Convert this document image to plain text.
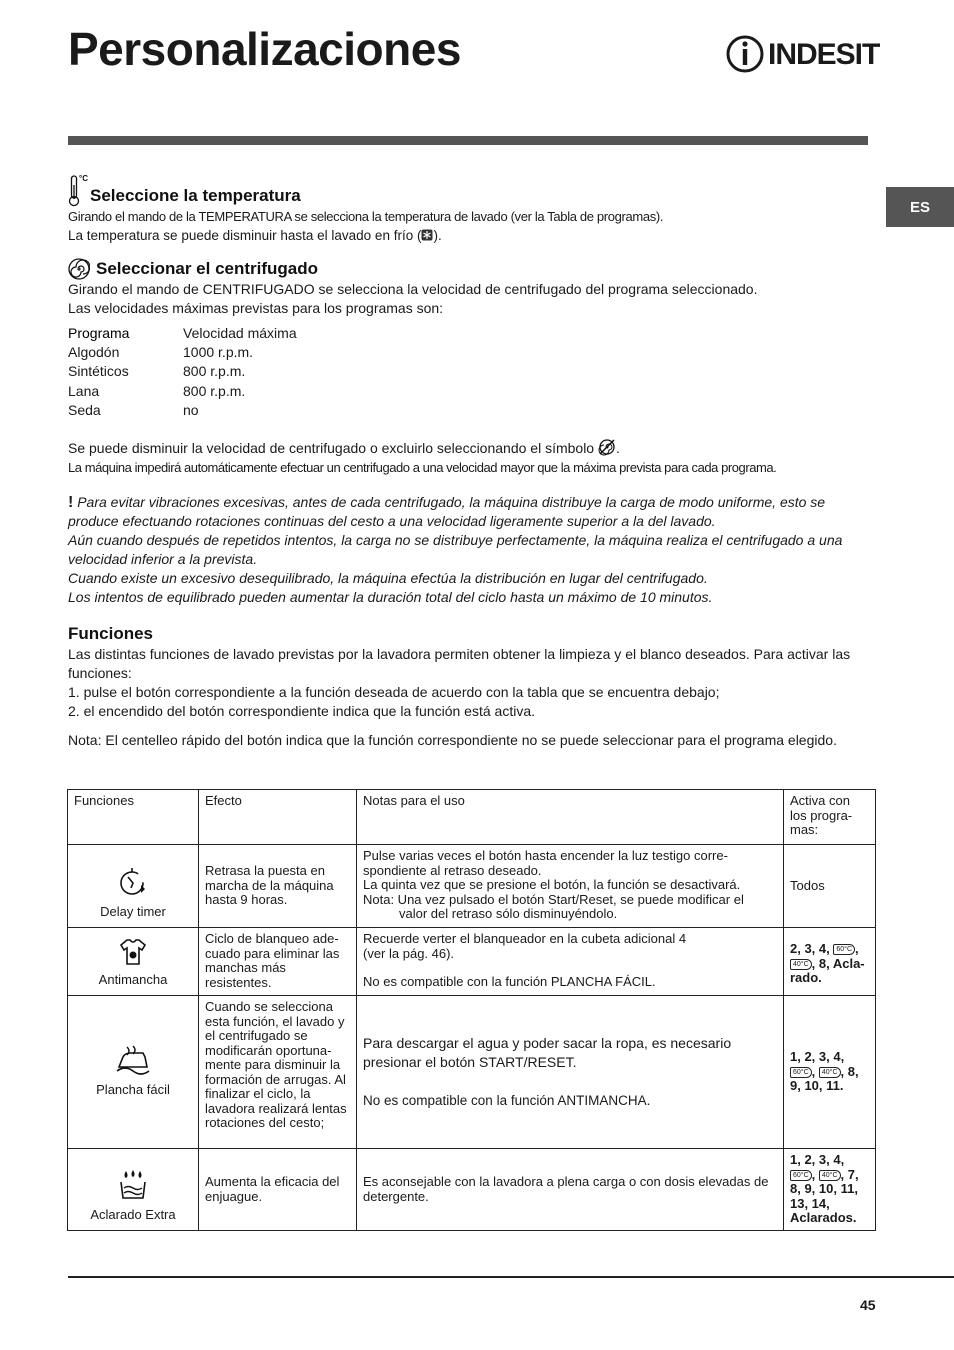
Personalizaciones	INDESIT
ES
°C
Seleccione la temperatura

Girando el mando de la TEMPERATURA se selecciona la temperatura de lavado (ver la Tabla de programas).

La temperatura se puede disminuir hasta el lavado en frío ( ).

Seleccionar el centrifugado

Girando el mando de CENTRIFUGADO se selecciona la velocidad de centrifugado del programa seleccionado.

Las velocidades máximas previstas para los programas son:

Programa	Velocidad máxima
Algodón	1000 r.p.m.
Sintéticos	800 r.p.m.
Lana	800 r.p.m.
Seda	no

Se puede disminuir la velocidad de centrifugado o excluirlo seleccionando el símbolo .

La máquina impedirá automáticamente efectuar un centrifugado a una velocidad mayor que la máxima prevista para cada programa.

! Para evitar vibraciones excesivas, antes de cada centrifugado, la máquina distribuye la carga de modo uniforme, esto se produce efectuando rotaciones continuas del cesto a una velocidad ligeramente superior a la del lavado.

Aún cuando después de repetidos intentos, la carga no se distribuye perfectamente, la máquina realiza el centrifugado a una velocidad inferior a la prevista.

Cuando existe un excesivo desequilibrado, la máquina efectúa la distribución en lugar del centrifugado.

Los intentos de equilibrado pueden aumentar la duración total del ciclo hasta un máximo de 10 minutos.

Funciones

Las distintas funciones de lavado previstas por la lavadora permiten obtener la limpieza y el blanco deseados. Para activar las funciones:

1. pulse el botón correspondiente a la función deseada de acuerdo con la tabla que se encuentra debajo;

2. el encendido del botón correspondiente indica que la función está activa.

Nota: El centelleo rápido del botón indica que la función correspondiente no se puede seleccionar para el programa elegido.

Funciones	Efecto	Notas para el uso	Activa con los progra- mas:

Delay timer	Retrasa la puesta en marcha de la máquina hasta 9 horas.	Pulse varias veces el botón hasta encender la luz testigo corre- spondiente al retraso deseado.
La quinta vez que se presione el botón, la función se desactivará.
Nota: Una vez pulsado el botón Start/Reset, se puede modificar el
valor del retraso sólo disminuyéndolo.	Todos

Antimancha	Ciclo de blanqueo ade- cuado para eliminar las manchas más resistentes.	Recuerde verter el blanqueador en la cubeta adicional 4
(ver la pág. 46).
No es compatible con la función PLANCHA FÁCIL.	2, 3, 4, 60°C , 40°C , 8, Acla- rado.

Plancha fácil	Cuando se selecciona esta función, el lavado y el centrifugado se modificarán oportuna- mente para disminuir la formación de arrugas. Al finalizar el ciclo, la lavadora realizará lentas rotaciones del cesto;	Para descargar el agua y poder sacar la ropa, es necesario presionar el botón START/RESET.
No es compatible con la función ANTIMANCHA.	1, 2, 3, 4, 60°C , 40°C , 8, 9, 10, 11.

Aclarado Extra	Aumenta la eficacia del enjuague.	Es aconsejable con la lavadora a plena carga o con dosis elevadas de detergente.	1, 2, 3, 4, 60°C , 40°C , 7, 8, 9, 10, 11, 13, 14, Aclarados.
45
